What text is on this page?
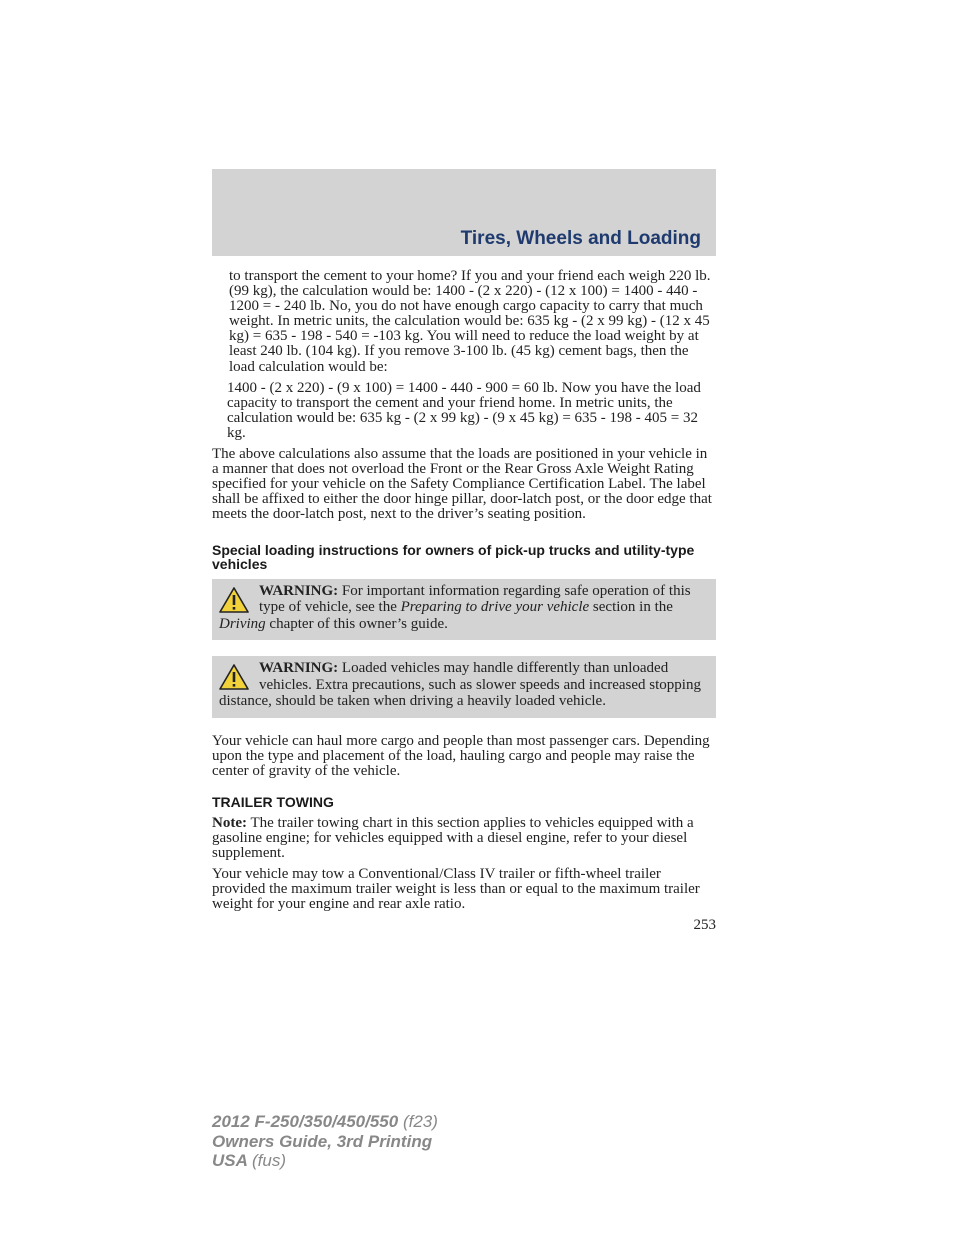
Tires, Wheels and Loading

to transport the cement to your home? If you and your friend each weigh 220 lb. (99 kg), the calculation would be: 1400 - (2 x 220) - (12 x 100) = 1400 - 440 - 1200 = - 240 lb. No, you do not have enough cargo capacity to carry that much weight. In metric units, the calculation would be: 635 kg - (2 x 99 kg) - (12 x 45 kg) = 635 - 198 - 540 = -103 kg. You will need to reduce the load weight by at least 240 lb. (104 kg). If you remove 3-100 lb. (45 kg) cement bags, then the load calculation would be:

1400 - (2 x 220) - (9 x 100) = 1400 - 440 - 900 = 60 lb. Now you have the load capacity to transport the cement and your friend home. In metric units, the calculation would be: 635 kg - (2 x 99 kg) - (9 x 45 kg) = 635 - 198 - 405 = 32 kg.

The above calculations also assume that the loads are positioned in your vehicle in a manner that does not overload the Front or the Rear Gross Axle Weight Rating specified for your vehicle on the Safety Compliance Certification Label. The label shall be affixed to either the door hinge pillar, door-latch post, or the door edge that meets the door-latch post, next to the driver’s seating position.

Special loading instructions for owners of pick-up trucks and utility-type vehicles
WARNING: For important information regarding safe operation of this type of vehicle, see the Preparing to drive your vehicle section in the Driving chapter of this owner’s guide.
WARNING: Loaded vehicles may handle differently than unloaded vehicles. Extra precautions, such as slower speeds and increased stopping distance, should be taken when driving a heavily loaded vehicle.

Your vehicle can haul more cargo and people than most passenger cars. Depending upon the type and placement of the load, hauling cargo and people may raise the center of gravity of the vehicle.

TRAILER TOWING

Note: The trailer towing chart in this section applies to vehicles equipped with a gasoline engine; for vehicles equipped with a diesel engine, refer to your diesel supplement.

Your vehicle may tow a Conventional/Class IV trailer or fifth-wheel trailer provided the maximum trailer weight is less than or equal to the maximum trailer weight for your engine and rear axle ratio.

253
2012 F-250/350/450/550 (f23)
Owners Guide, 3rd Printing
USA (fus)
